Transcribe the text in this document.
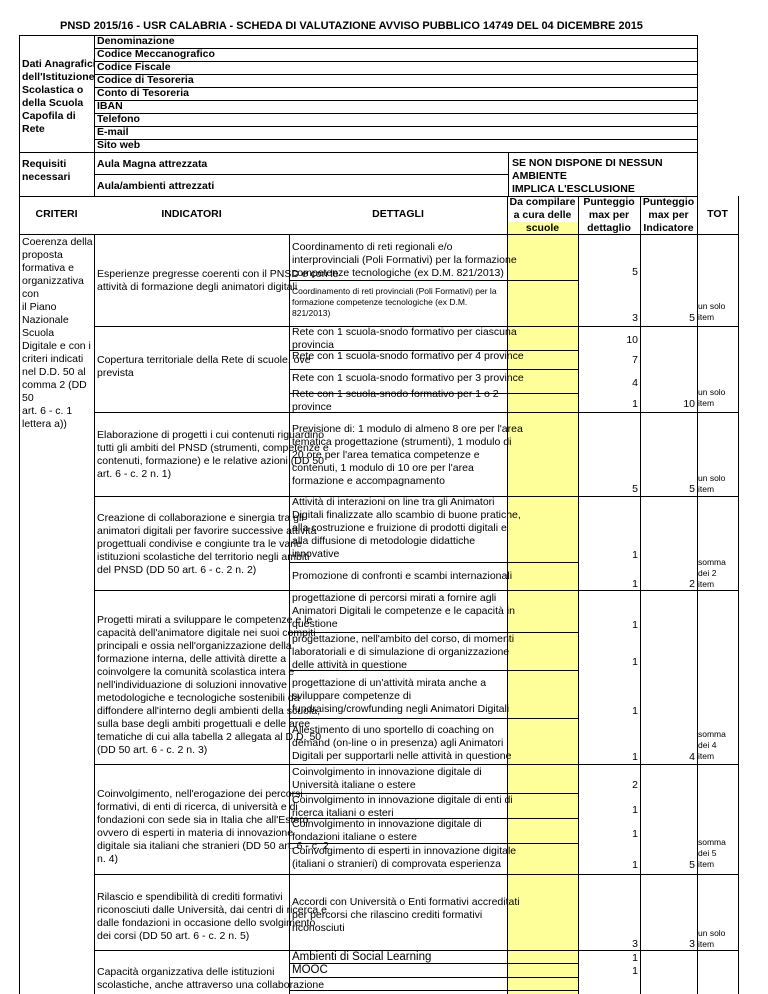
PNSD 2015/16 - USR CALABRIA - SCHEDA DI VALUTAZIONE AVVISO PUBBLICO 14749 DEL 04 DICEMBRE 2015
Dati Anagrafici
dell'Istituzione
Scolastica o
della Scuola
Capofila di
Rete
Denominazione
Codice Meccanografico
Codice Fiscale
Codice di Tesoreria
Conto di Tesoreria
IBAN
Telefono
E-mail
Sito web
Requisiti
necessari
Aula Magna attrezzata
Aula/ambienti attrezzati
SE NON DISPONE DI NESSUN AMBIENTE
IMPLICA L'ESCLUSIONE
CRITERI	INDICATORI	DETTAGLI
Da compilare
a cura delle
scuole
Punteggio
max per
dettaglio
Punteggio
max per
Indicatore
TOT
Coerenza della
proposta
formativa e
organizzativa con
il Piano
Nazionale Scuola
Digitale e con i
criteri indicati
nel D.D. 50 al
comma 2 (DD 50
art. 6 - c. 1
lettera a))
Esperienze pregresse coerenti con il PNSD e con le
attività di formazione degli animatori digitali
Copertura territoriale della Rete di scuole, ove
prevista
Elaborazione di progetti i cui contenuti riguardino
tutti gli ambiti del PNSD (strumenti, competenze e
contenuti, formazione) e le relative azioni (DD 50
art. 6 - c. 2 n. 1)
Creazione di collaborazione e sinergia tra gli
animatori digitali per favorire successive attività
progettuali condivise e congiunte tra le varie
istituzioni scolastiche del territorio negli ambiti
del PNSD (DD 50 art. 6 - c. 2 n. 2)
Progetti mirati a sviluppare le competenze e le
capacità dell'animatore digitale nei suoi compiti
principali e ossia nell'organizzazione della
formazione interna, delle attività dirette a
coinvolgere la comunità scolastica intera e
nell'individuazione di soluzioni innovative
metodologiche e tecnologiche sostenibili da
diffondere all'interno degli ambienti della scuola,
sulla base degli ambiti progettuali e delle aree
tematiche di cui alla tabella 2 allegata al D.D. 50
(DD 50 art. 6 - c. 2 n. 3)
Coinvolgimento, nell'erogazione dei percorsi
formativi, di enti di ricerca, di università e di
fondazioni con sede sia in Italia che all'Estero
ovvero di esperti in materia di innovazione
digitale sia italiani che stranieri (DD 50 art. 6 - c. 2
n. 4)
Rilascio e spendibilità di crediti formativi
riconosciuti dalle Università, dai centri di ricerca e
dalle fondazioni in occasione dello svolgimento
dei corsi (DD 50 art. 6 - c. 2 n. 5)
Capacità organizzativa delle istituzioni
scolastiche, anche attraverso una collaborazione
Coordinamento di reti regionali e/o
interprovinciali (Poli Formativi) per la formazione
competenze tecnologiche (ex D.M. 821/2013)
Coordinamento di reti provinciali (Poli Formativi) per la
formazione competenze tecnologiche (ex D.M.
821/2013)
Rete con 1 scuola-snodo formativo per ciascuna
provincia
Rete con 1 scuola-snodo formativo per 4 province
Rete con 1 scuola-snodo formativo per 3 province
Rete con 1 scuola-snodo formativo per 1 o 2
province
Previsione di: 1 modulo di almeno 8 ore per l'area
tematica progettazione (strumenti), 1 modulo di
20 ore per l'area tematica competenze e
contenuti, 1 modulo di 10 ore per l'area
formazione e accompagnamento
Attività di interazioni on line tra gli Animatori
Digitali finalizzate allo scambio di buone pratiche,
alla costruzione e fruizione di prodotti digitali e
alla diffusione di metodologie didattiche
innovative
Promozione di confronti e scambi internazionali
progettazione di percorsi mirati a fornire agli
Animatori Digitali le competenze e le capacità in
questione
progettazione, nell'ambito del corso, di momenti
laboratoriali e di simulazione di organizzazione
delle attività in questione
progettazione di un'attività mirata anche a
sviluppare competenze di
fundraising/crowfunding negli Animatori Digitali
Allestimento di uno sportello di coaching on
demand (on-line o in presenza) agli Animatori
Digitali per supportarli nelle attività in questione
Coinvolgimento in innovazione digitale di
Università italiane o estere
Coinvolgimento in innovazione digitale di enti di
ricerca italiani o esteri
Coinvolgimento in innovazione digitale di
fondazioni italiane o estere
Coinvolgimento di esperti in innovazione digitale
(italiani o stranieri) di comprovata esperienza
Accordi con Università o Enti formativi accreditati
per percorsi che rilascino crediti formativi
riconosciuti
Ambienti di Social Learning
MOOC
5
3
10
7
4
1
5
1
1
1
1
1
1
2
1
1
1
3
1
1
5
un solo
item
10
un solo
item
5
un solo
item
2
somma
dei 2
item
4
somma
dei 4
item
5
somma
dei 5
item
3
un solo
item
